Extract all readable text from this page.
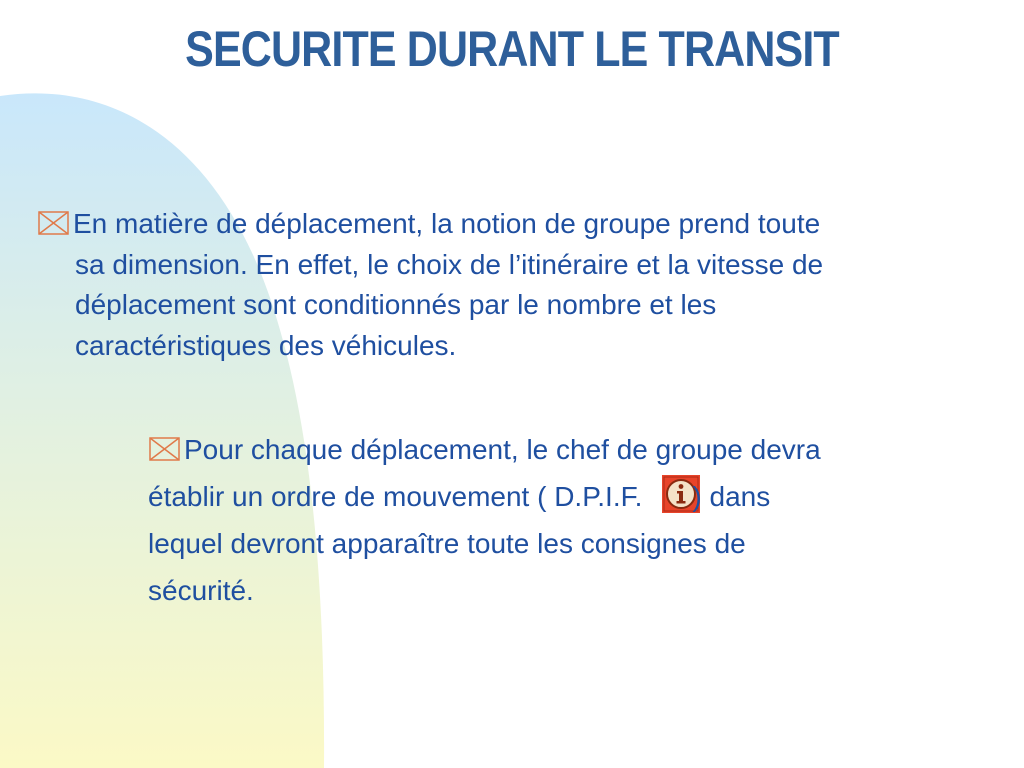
SECURITE DURANT LE TRANSIT
En matière de déplacement, la notion de groupe prend toute
sa dimension. En effet, le choix de l’itinéraire et la vitesse de
déplacement sont conditionnés par le nombre et les
caractéristiques des véhicules.
Pour chaque déplacement, le chef de groupe devra
établir un ordre de mouvement ( D.P.I.F. ) dans
lequel devront apparaître toute les consignes de
sécurité.
